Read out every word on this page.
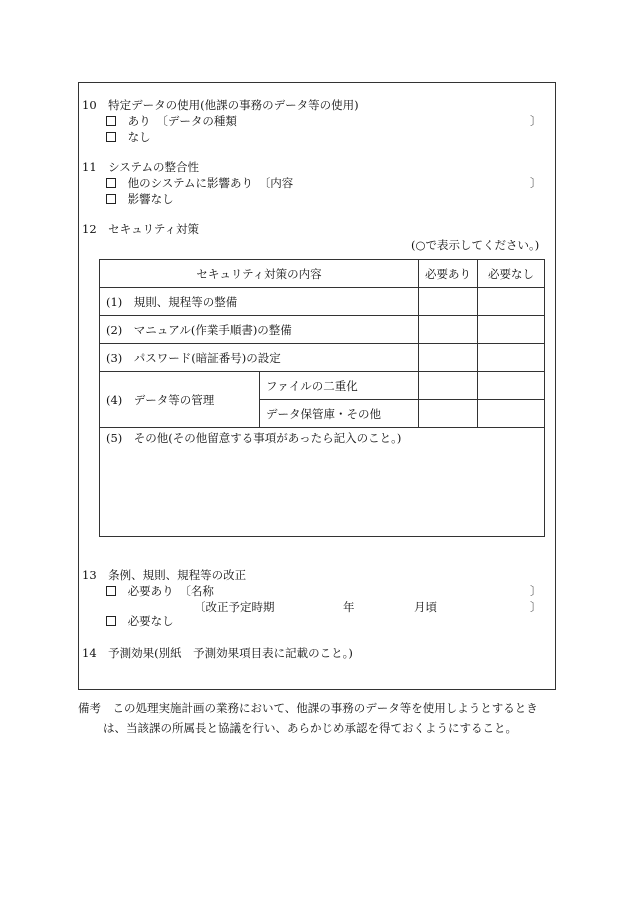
10　特定データの使用(他課の事務のデータ等の使用)
あり　〔データの種類	〕
なし
11　システムの整合性
他のシステムに影響あり　〔内容	〕
影響なし
12　セキュリティ対策
(○で表示してください。)
セキュリティ対策の内容		必要あり	必要なし
(1)　規則、規程等の整備			
(2)　マニュアル(作業手順書)の整備			
(3)　パスワード(暗証番号)の設定			
(4)　データ等の管理	ファイルの二重化		
	データ保管庫・その他		
(5)　その他(その他留意する事項があったら記入のこと。)			
13　条例、規則、規程等の改正
必要あり　〔名称	〕
〔改正予定時期	年	月頃	〕
必要なし
14　予測効果(別紙　予測効果項目表に記載のこと。)
備考　この処理実施計画の業務において、他課の事務のデータ等を使用しようとするとき
は、当該課の所属長と協議を行い、あらかじめ承認を得ておくようにすること。
